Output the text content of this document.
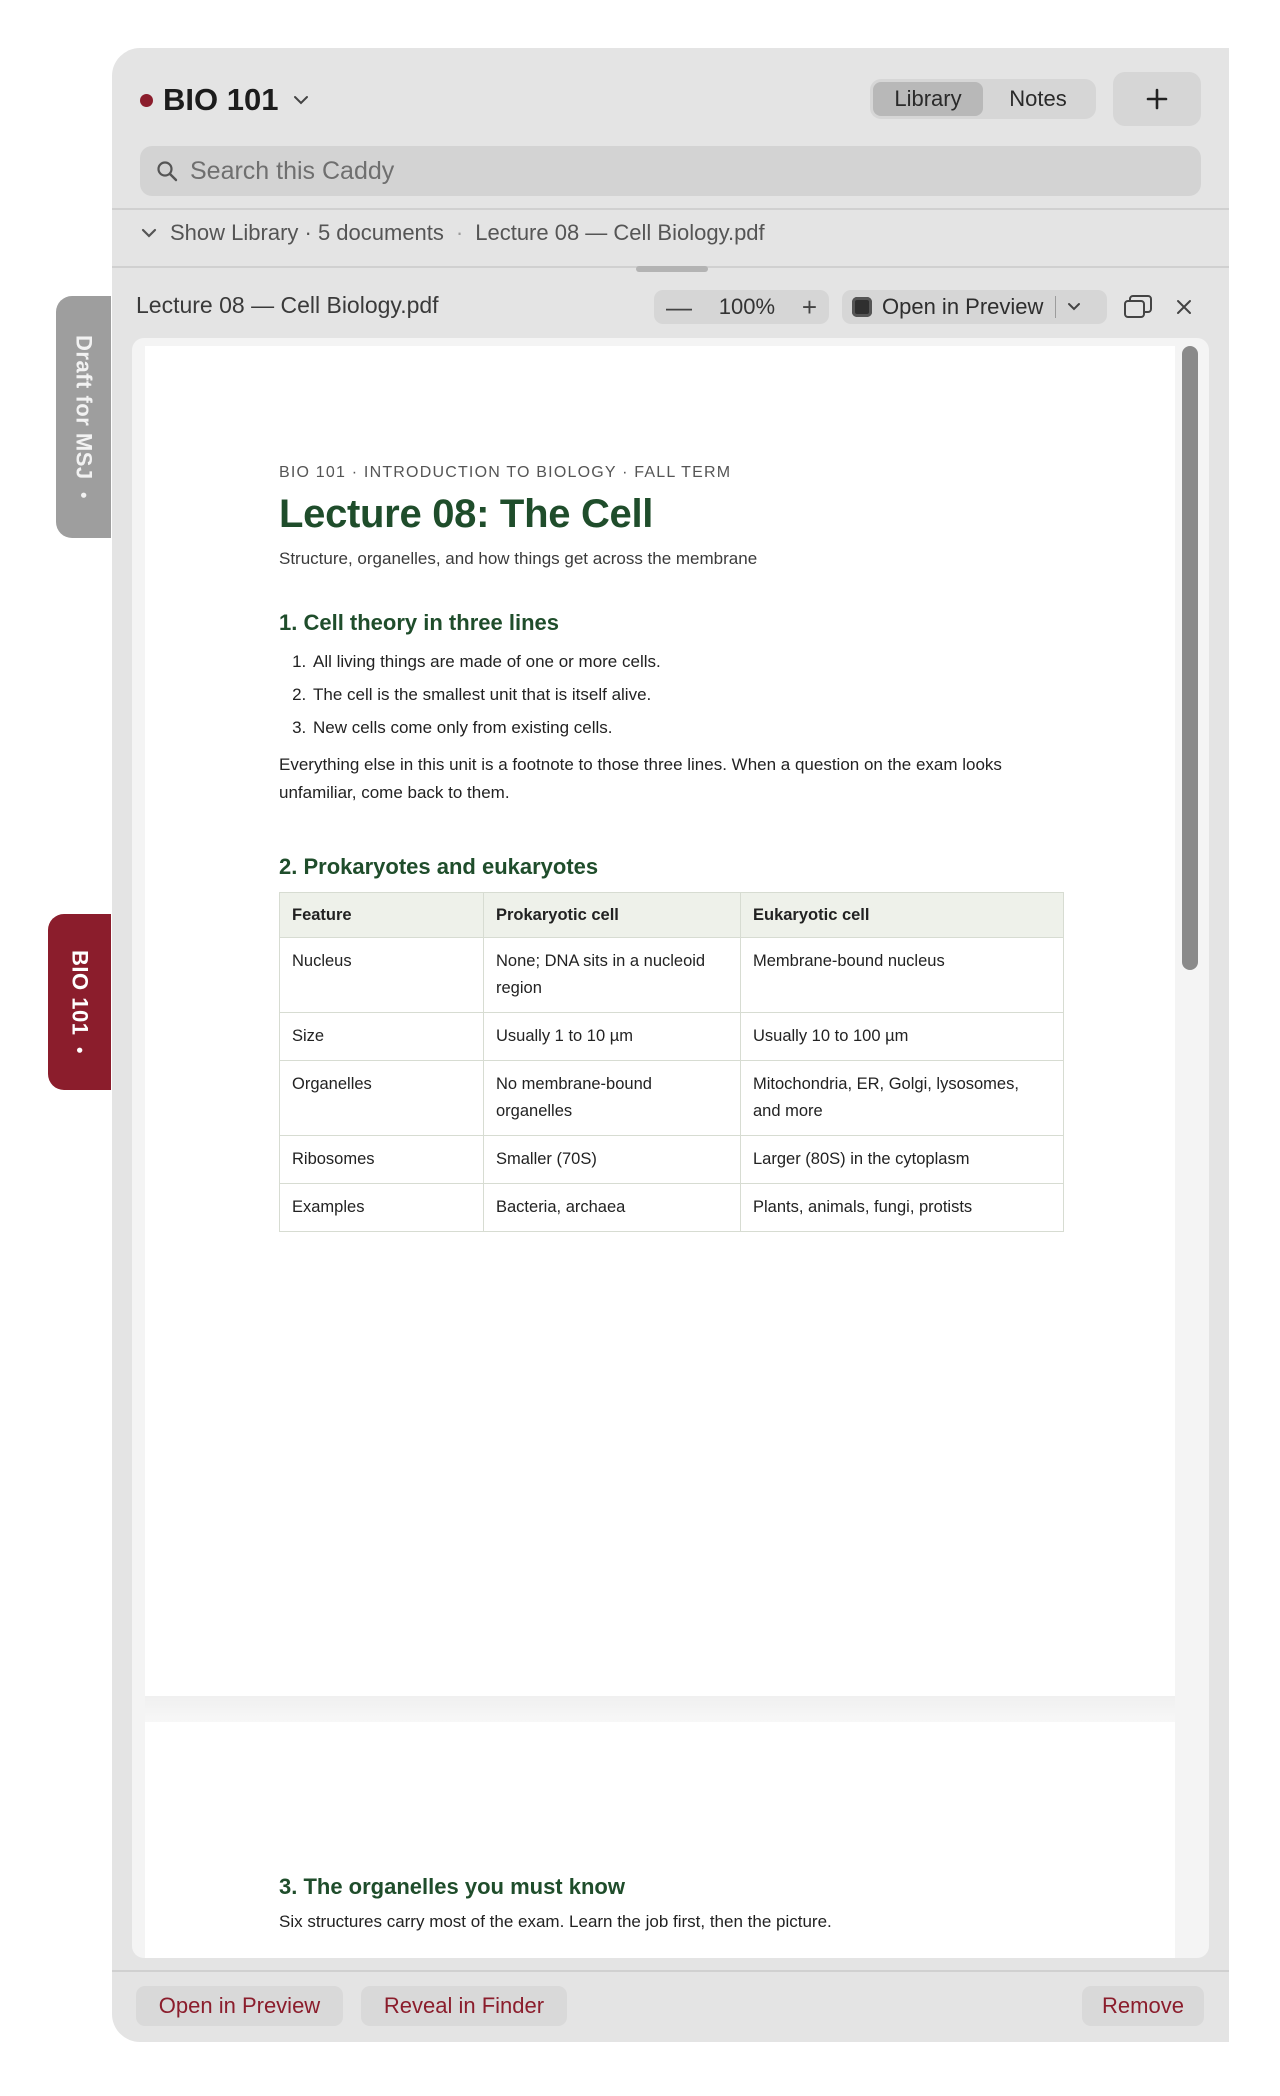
Draft for MSJ•
BIO 101•
BIO 101	Library	Notes
Search this Caddy
Show Library · 5 documents · Lecture 08 — Cell Biology.pdf
Lecture 08 — Cell Biology.pdf	— 100% +	Open in Preview
BIO 101 · INTRODUCTION TO BIOLOGY · FALL TERM
Lecture 08: The Cell
Structure, organelles, and how things get across the membrane
1. Cell theory in three lines
1. All living things are made of one or more cells.
2. The cell is the smallest unit that is itself alive.
3. New cells come only from existing cells.
Everything else in this unit is a footnote to those three lines. When a question on the exam looks unfamiliar, come back to them.
2. Prokaryotes and eukaryotes
Feature	Prokaryotic cell	Eukaryotic cell
Nucleus	None; DNA sits in a nucleoid region	Membrane-bound nucleus
Size	Usually 1 to 10 µm	Usually 10 to 100 µm
Organelles	No membrane-bound organelles	Mitochondria, ER, Golgi, lysosomes, and more
Ribosomes	Smaller (70S)	Larger (80S) in the cytoplasm
Examples	Bacteria, archaea	Plants, animals, fungi, protists
3. The organelles you must know
Six structures carry most of the exam. Learn the job first, then the picture.
Open in Preview	Reveal in Finder	Remove
